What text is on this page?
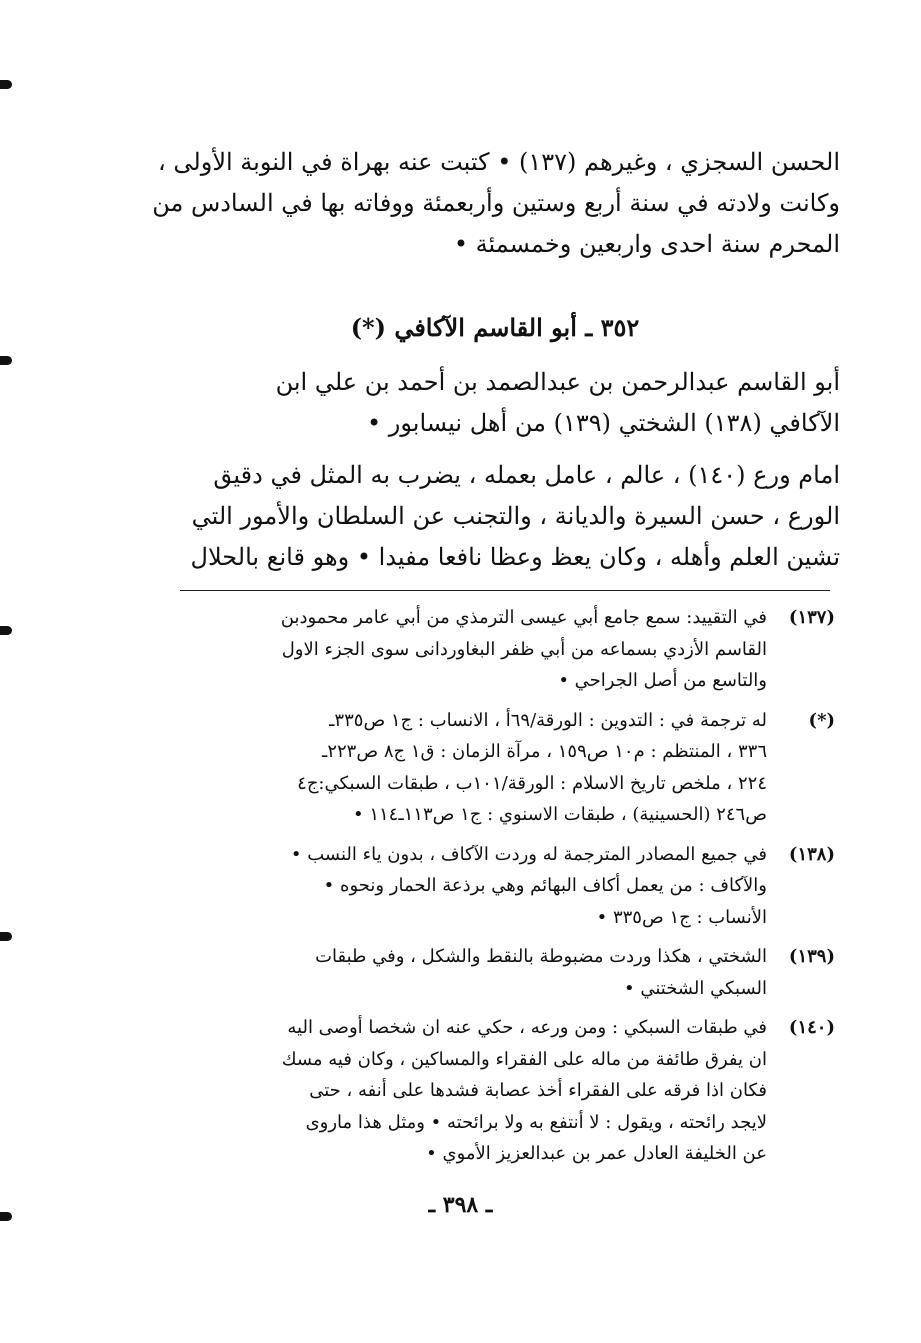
الحسن السجزي ، وغيرهم (١٣٧) • كتبت عنه بهراة في النوبة الأولى ،
وكانت ولادته في سنة أربع وستين وأربعمئة ووفاته بها في السادس من
المحرم سنة احدى واربعين وخمسمئة •
٣٥٢ ـ أبو القاسم الآكافي (*)
أبو القاسم عبدالرحمن بن عبدالصمد بن أحمد بن علي ابن
الآكافي (١٣٨) الشختي (١٣٩) من أهل نيسابور •
امام ورع (١٤٠) ، عالم ، عامل بعمله ، يضرب به المثل في دقيق
الورع ، حسن السيرة والديانة ، والتجنب عن السلطان والأمور التي
تشين العلم وأهله ، وكان يعظ وعظا نافعا مفيدا • وهو قانع بالحلال
(١٣٧)
في التقييد: سمع جامع أبي عيسى الترمذي من أبي عامر محمودبن
القاسم الأزدي بسماعه من أبي ظفر البغاوردانی سوى الجزء الاول
والتاسع من أصل الجراحي •
(*)
له ترجمة في : التدوين : الورقة/٦٩أ ، الانساب : ج١ ص٣٣٥ـ
٣٣٦ ، المنتظم : م١٠ ص١٥٩ ، مرآة الزمان : ق١ ج٨ ص٢٢٣ـ
٢٢٤ ، ملخص تاريخ الاسلام : الورقة/١٠١ب ، طبقات السبكي:ج٤
ص٢٤٦ (الحسينية) ، طبقات الاسنوي : ج١ ص١١٣ـ١١٤ •
(١٣٨)
في جميع المصادر المترجمة له وردت الآكاف ، بدون ياء النسب •
والآكاف : من يعمل أكاف البهائم وهي برذعة الحمار ونحوه •
الأنساب : ج١ ص٣٣٥ •
(١٣٩)
الشختي ، هكذا وردت مضبوطة بالنقط والشكل ، وفي طبقات
السبكي الشختني •
(١٤٠)
في طبقات السبكي : ومن ورعه ، حكي عنه ان شخصا أوصى اليه
ان يفرق طائفة من ماله على الفقراء والمساكين ، وكان فيه مسك
فكان اذا فرقه على الفقراء أخذ عصابة فشدها على أنفه ، حتى
لايجد رائحته ، ويقول : لا أنتفع به ولا برائحته • ومثل هذا ماروى
عن الخليفة العادل عمر بن عبدالعزيز الأموي •
ـ ٣٩٨ ـ
